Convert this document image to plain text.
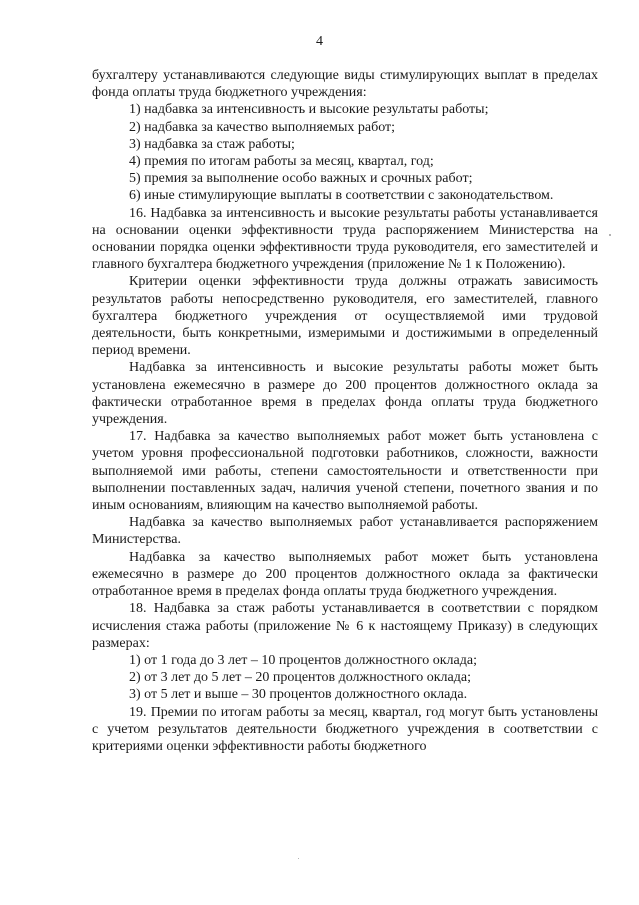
4

бухгалтеру устанавливаются следующие виды стимулирующих выплат в пределах фонда оплаты труда бюджетного учреждения:

1) надбавка за интенсивность и высокие результаты работы;

2) надбавка за качество выполняемых работ;

3) надбавка за стаж работы;

4) премия по итогам работы за месяц, квартал, год;

5) премия за выполнение особо важных и срочных работ;

6) иные стимулирующие выплаты в соответствии с законодательством.

16. Надбавка за интенсивность и высокие результаты работы устанавливается на основании оценки эффективности труда распоряжением Министерства на основании порядка оценки эффективности труда руководителя, его заместителей и главного бухгалтера бюджетного учреждения (приложение № 1 к Положению).

Критерии оценки эффективности труда должны отражать зависимость результатов работы непосредственно руководителя, его заместителей, главного бухгалтера бюджетного учреждения от осуществляемой ими трудовой деятельности, быть конкретными, измеримыми и достижимыми в определенный период времени.

Надбавка за интенсивность и высокие результаты работы может быть установлена ежемесячно в размере до 200 процентов должностного оклада за фактически отработанное время в пределах фонда оплаты труда бюджетного учреждения.

17. Надбавка за качество выполняемых работ может быть установлена с учетом уровня профессиональной подготовки работников, сложности, важности выполняемой ими работы, степени самостоятельности и ответственности при выполнении поставленных задач, наличия ученой степени, почетного звания и по иным основаниям, влияющим на качество выполняемой работы.

Надбавка за качество выполняемых работ устанавливается распоряжением Министерства.

Надбавка за качество выполняемых работ может быть установлена ежемесячно в размере до 200 процентов должностного оклада за фактически отработанное время в пределах фонда оплаты труда бюджетного учреждения.

18. Надбавка за стаж работы устанавливается в соответствии с порядком исчисления стажа работы (приложение № 6 к настоящему Приказу) в следующих размерах:

1) от 1 года до 3 лет – 10 процентов должностного оклада;

2) от 3 лет до 5 лет – 20 процентов должностного оклада;

3) от 5 лет и выше – 30 процентов должностного оклада.

19. Премии по итогам работы за месяц, квартал, год могут быть установлены с учетом результатов деятельности бюджетного учреждения в соответствии с критериями оценки эффективности работы бюджетного
